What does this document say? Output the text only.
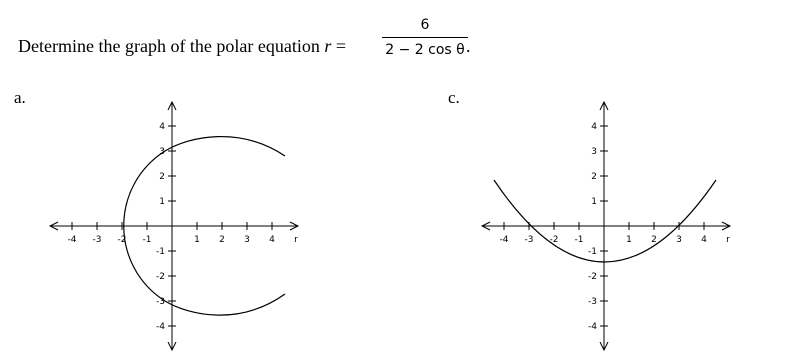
Determine the graph of the polar equation r =
6
2 − 2 cos θ .
a.	c.
-4 -3 -2 -1	1 2 3 4 r
4
3
2
1
-1
-2
-3
-4
-4 -3 -2 -1	1 2 3 4 r
4
3
2
1
-1
-2
-3
-4
